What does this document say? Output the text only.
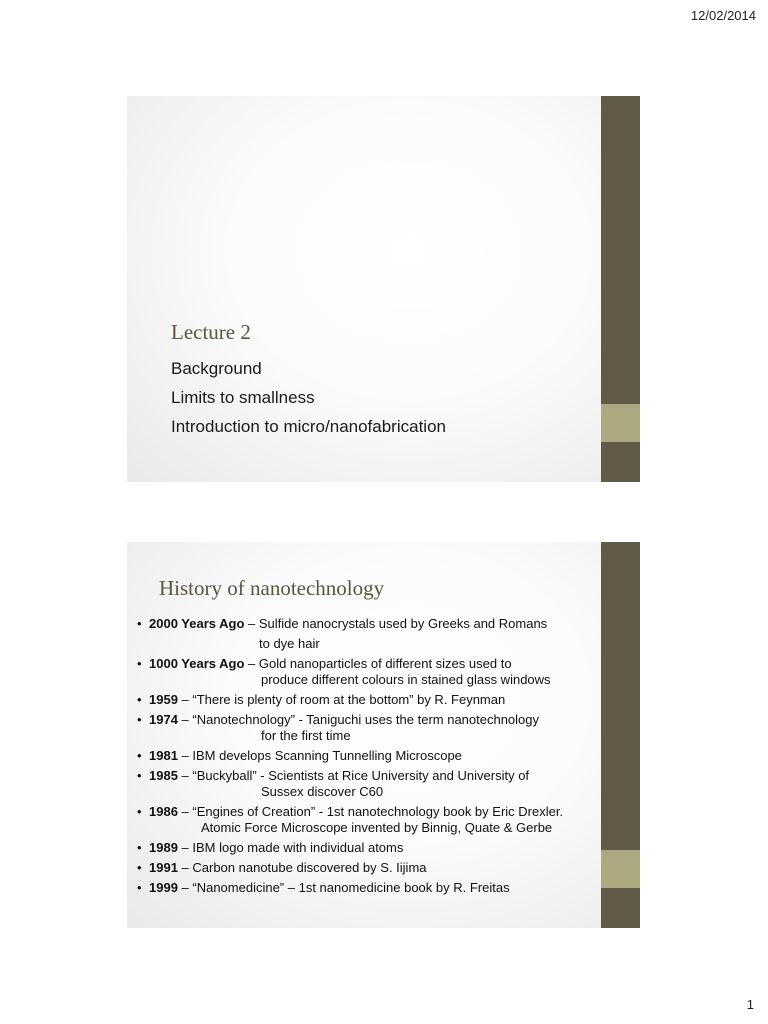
12/02/2014
Lecture 2
Background
Limits to smallness
Introduction to micro/nanofabrication
History of nanotechnology
• 2000 Years Ago – Sulfide nanocrystals used by Greeks and Romans
to dye hair
• 1000 Years Ago – Gold nanoparticles of different sizes used to
produce different colours in stained glass windows
• 1959 – “There is plenty of room at the bottom” by R. Feynman
• 1974 – “Nanotechnology” - Taniguchi uses the term nanotechnology
for the first time
• 1981 – IBM develops Scanning Tunnelling Microscope
• 1985 – “Buckyball” - Scientists at Rice University and University of
Sussex discover C60
• 1986 – “Engines of Creation” - 1st nanotechnology book by Eric Drexler.
Atomic Force Microscope invented by Binnig, Quate & Gerbe
• 1989 – IBM logo made with individual atoms
• 1991 – Carbon nanotube discovered by S. Iijima
• 1999 – “Nanomedicine” – 1st nanomedicine book by R. Freitas
1
